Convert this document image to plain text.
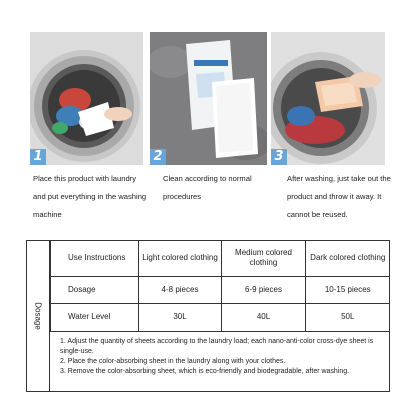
1	2	3
Place this product with laundry and put everything in the washing machine
Clean according to normal procedures
After washing, just take out the product and throw it away. It cannot be reused.
Dosage
Use Instructions	Light colored clothing	Medium colored clothing	Dark colored clothing
Dosage	4-8 pieces	6-9 pieces	10-15 pieces
Water Level	30L	40L	50L

1. Adjust the quantity of sheets according to the laundry load; each nano-anti-color cross-dye sheet is single-use.

2. Place the color-absorbing sheet in the laundry along with your clothes.

3. Remove the color-absorbing sheet, which is eco-friendly and biodegradable, after washing.
